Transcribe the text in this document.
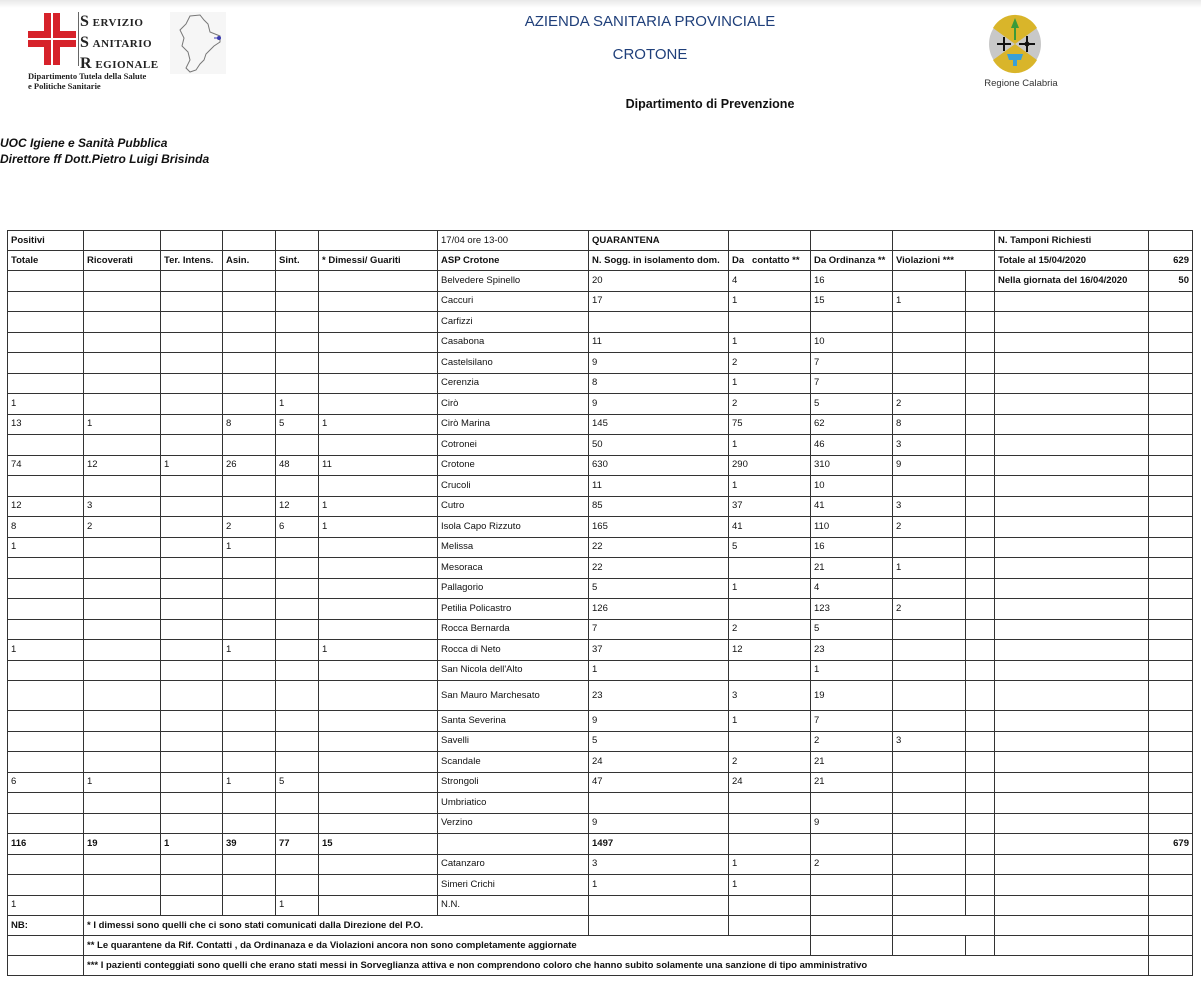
S ERVIZIO
S ANITARIO
R EGIONALE
Dipartimento Tutela della Salute
e Politiche Sanitarie
AZIENDA SANITARIA PROVINCIALE
CROTONE
Dipartimento di Prevenzione
Regione Calabria
UOC Igiene e Sanità Pubblica
Direttore ff Dott.Pietro Luigi Brisinda
Positivi						17/04 ore 13-00	QUARANTENA					N. Tamponi Richiesti	
Totale	Ricoverati	Ter. Intens.	Asin.	Sint.	* Dimessi/ Guariti	ASP Crotone	N. Sogg. in isolamento dom.	Da   contatto **	Da Ordinanza **	Violazioni ***		Totale al 15/04/2020	629
						Belvedere Spinello	20	4	16			Nella giornata del 16/04/2020	50
						Caccuri	17	1	15	1			
						Carfizzi							
						Casabona	11	1	10				
						Castelsilano	9	2	7				
						Cerenzia	8	1	7				
1				1		Cirò	9	2	5	2			
13	1		8	5	1	Cirò Marina	145	75	62	8			
						Cotronei	50	1	46	3			
74	12	1	26	48	11	Crotone	630	290	310	9			
						Crucoli	11	1	10				
12	3			12	1	Cutro	85	37	41	3			
8	2		2	6	1	Isola Capo Rizzuto	165	41	110	2			
1			1			Melissa	22	5	16				
						Mesoraca	22		21	1			
						Pallagorio	5	1	4				
						Petilia Policastro	126		123	2			
						Rocca Bernarda	7	2	5				
1			1		1	Rocca di Neto	37	12	23				
						San Nicola dell'Alto	1		1				
						San Mauro Marchesato	23	3	19				
						Santa Severina	9	1	7				
						Savelli	5		2	3			
						Scandale	24	2	21				
6	1		1	5		Strongoli	47	24	21				
						Umbriatico							
						Verzino	9		9				
116	19	1	39	77	15		1497						679
						Catanzaro	3	1	2				
						Simeri Crichi	1	1					
1				1		N.N.							
NB:	* I dimessi sono quelli che ci sono stati comunicati dalla Direzione del P.O.												
	** Le quarantene da Rif. Contatti , da Ordinanaza e da Violazioni ancora non sono completamente aggiornate												
	*** I pazienti conteggiati sono quelli che erano stati messi in Sorveglianza attiva e non comprendono coloro che hanno subito solamente una sanzione di tipo amministrativo												
